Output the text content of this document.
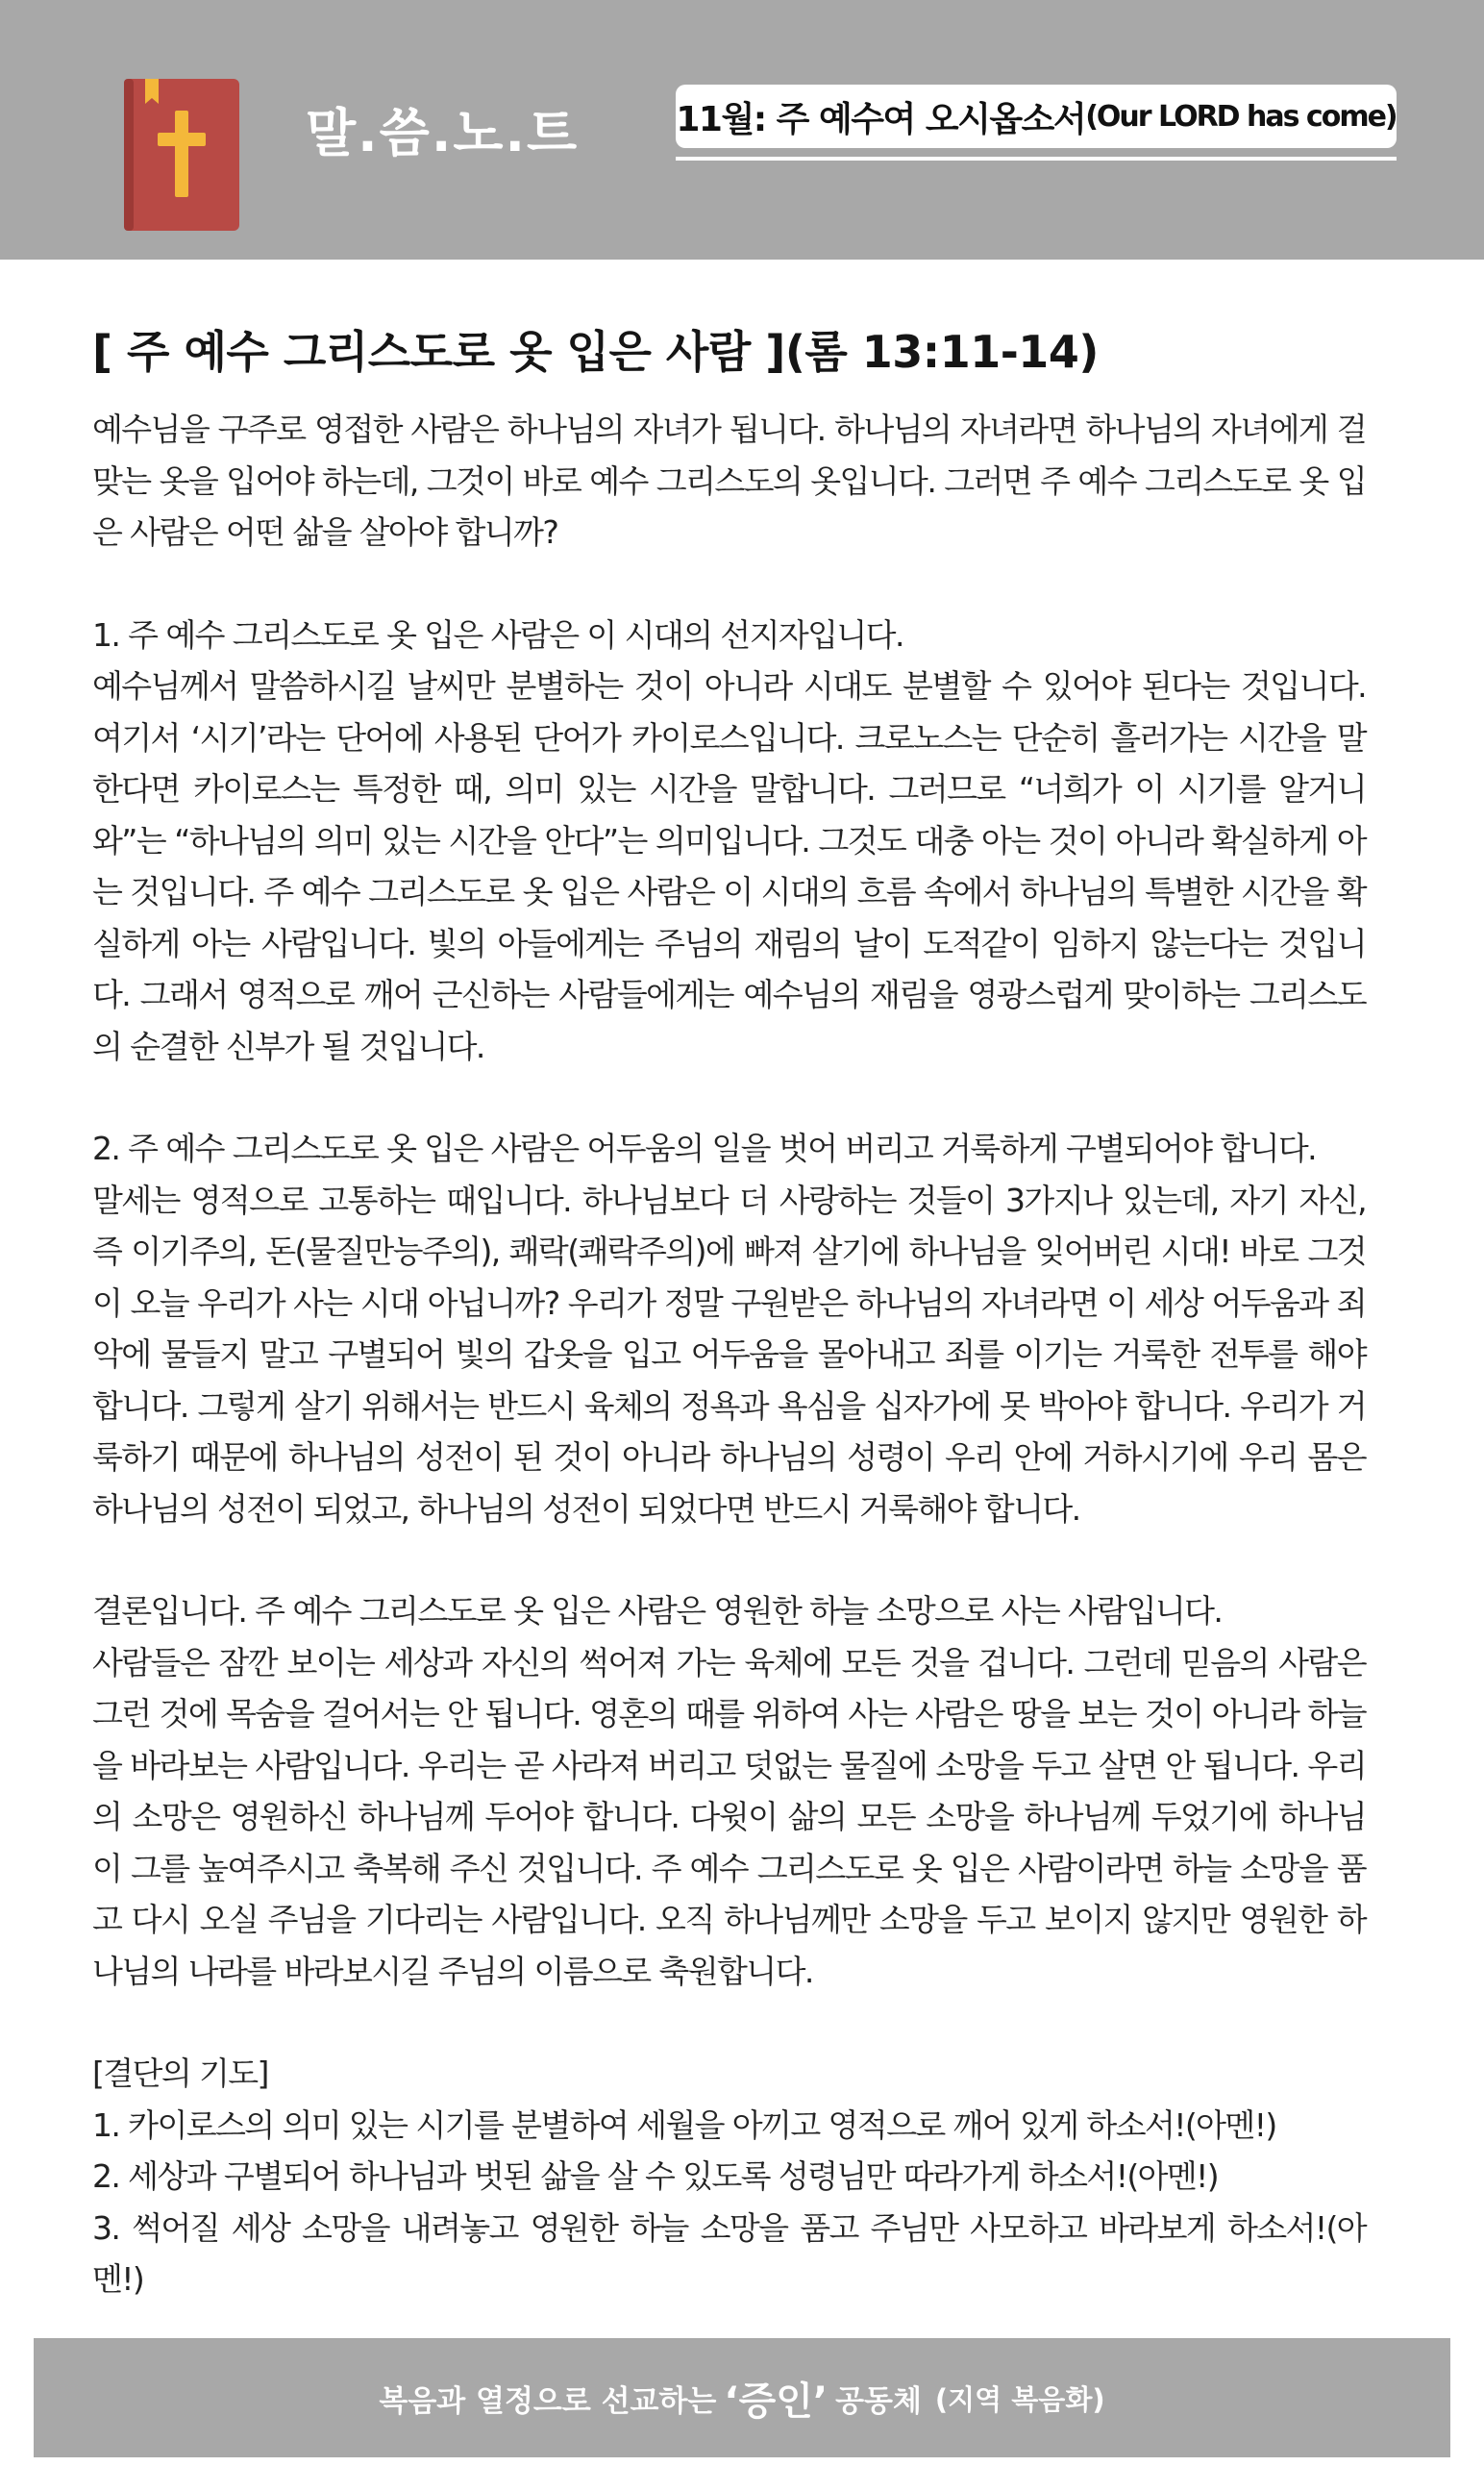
말.씀.노.트	11월: 주 예수여 오시옵소서 (Our LORD has come)
[ 주 예수 그리스도로 옷 입은 사람 ](롬 13:11-14)

예수님을 구주로 영접한 사람은 하나님의 자녀가 됩니다. 하나님의 자녀라면 하나님의 자녀에게 걸맞는 옷을 입어야 하는데, 그것이 바로 예수 그리스도의 옷입니다. 그러면 주 예수 그리스도로 옷 입은 사람은 어떤 삶을 살아야 합니까?

1. 주 예수 그리스도로 옷 입은 사람은 이 시대의 선지자입니다.

예수님께서 말씀하시길 날씨만 분별하는 것이 아니라 시대도 분별할 수 있어야 된다는 것입니다. 여기서 ‘시기’라는 단어에 사용된 단어가 카이로스입니다. 크로노스는 단순히 흘러가는 시간을 말한다면 카이로스는 특정한 때, 의미 있는 시간을 말합니다. 그러므로 “너희가 이 시기를 알거니와”는 “하나님의 의미 있는 시간을 안다”는 의미입니다. 그것도 대충 아는 것이 아니라 확실하게 아는 것입니다. 주 예수 그리스도로 옷 입은 사람은 이 시대의 흐름 속에서 하나님의 특별한 시간을 확실하게 아는 사람입니다. 빛의 아들에게는 주님의 재림의 날이 도적같이 임하지 않는다는 것입니다. 그래서 영적으로 깨어 근신하는 사람들에게는 예수님의 재림을 영광스럽게 맞이하는 그리스도의 순결한 신부가 될 것입니다.

2. 주 예수 그리스도로 옷 입은 사람은 어두움의 일을 벗어 버리고 거룩하게 구별되어야 합니다.

말세는 영적으로 고통하는 때입니다. 하나님보다 더 사랑하는 것들이 3가지나 있는데, 자기 자신, 즉 이기주의, 돈(물질만능주의), 쾌락(쾌락주의)에 빠져 살기에 하나님을 잊어버린 시대! 바로 그것이 오늘 우리가 사는 시대 아닙니까? 우리가 정말 구원받은 하나님의 자녀라면 이 세상 어두움과 죄악에 물들지 말고 구별되어 빛의 갑옷을 입고 어두움을 몰아내고 죄를 이기는 거룩한 전투를 해야 합니다. 그렇게 살기 위해서는 반드시 육체의 정욕과 욕심을 십자가에 못 박아야 합니다. 우리가 거룩하기 때문에 하나님의 성전이 된 것이 아니라 하나님의 성령이 우리 안에 거하시기에 우리 몸은 하나님의 성전이 되었고, 하나님의 성전이 되었다면 반드시 거룩해야 합니다.

결론입니다. 주 예수 그리스도로 옷 입은 사람은 영원한 하늘 소망으로 사는 사람입니다.

사람들은 잠깐 보이는 세상과 자신의 썩어져 가는 육체에 모든 것을 겁니다. 그런데 믿음의 사람은 그런 것에 목숨을 걸어서는 안 됩니다. 영혼의 때를 위하여 사는 사람은 땅을 보는 것이 아니라 하늘을 바라보는 사람입니다. 우리는 곧 사라져 버리고 덧없는 물질에 소망을 두고 살면 안 됩니다. 우리의 소망은 영원하신 하나님께 두어야 합니다. 다윗이 삶의 모든 소망을 하나님께 두었기에 하나님이 그를 높여주시고 축복해 주신 것입니다. 주 예수 그리스도로 옷 입은 사람이라면 하늘 소망을 품고 다시 오실 주님을 기다리는 사람입니다. 오직 하나님께만 소망을 두고 보이지 않지만 영원한 하나님의 나라를 바라보시길 주님의 이름으로 축원합니다.

[결단의 기도]

1. 카이로스의 의미 있는 시기를 분별하여 세월을 아끼고 영적으로 깨어 있게 하소서!(아멘!)

2. 세상과 구별되어 하나님과 벗된 삶을 살 수 있도록 성령님만 따라가게 하소서!(아멘!)

3. 썩어질 세상 소망을 내려놓고 영원한 하늘 소망을 품고 주님만 사모하고 바라보게 하소서!(아멘!)

복음과 열정으로 선교하는 ‘증인’ 공동체 (지역 복음화)
